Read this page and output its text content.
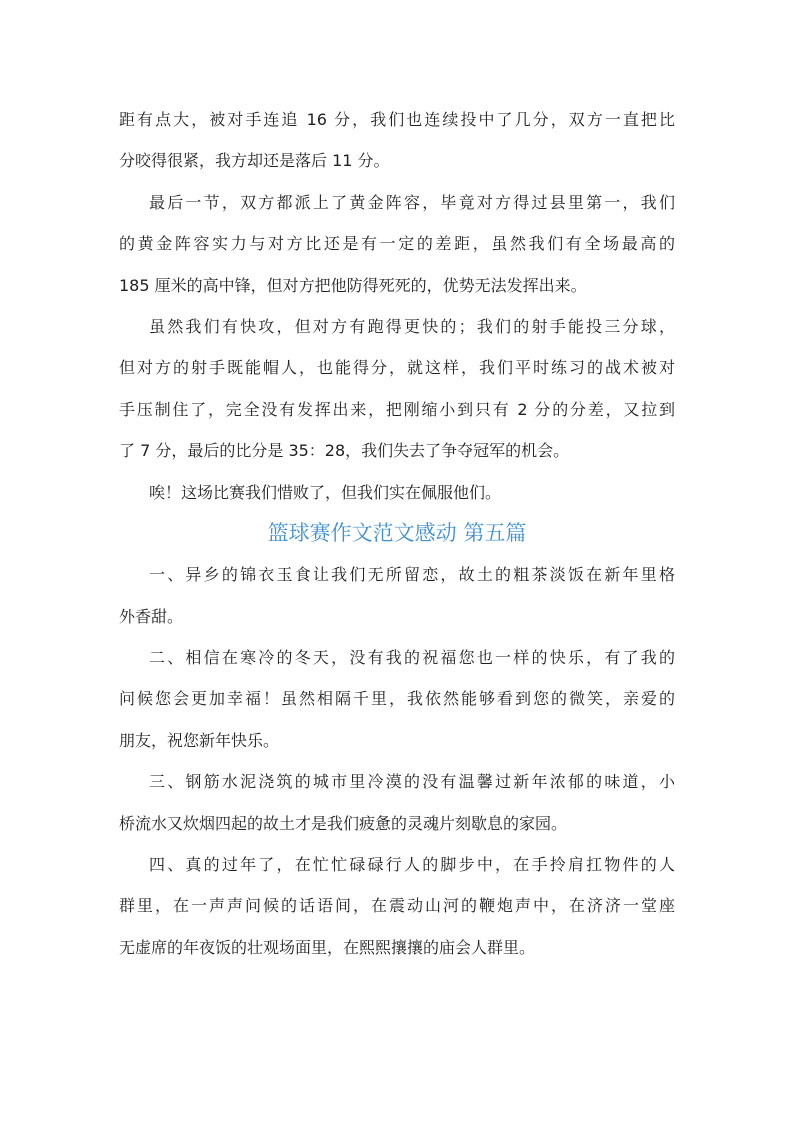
距有点大，被对手连追 16 分，我们也连续投中了几分，双方一直把比
分咬得很紧，我方却还是落后 11 分。
最后一节，双方都派上了黄金阵容，毕竟对方得过县里第一，我们
的黄金阵容实力与对方比还是有一定的差距，虽然我们有全场最高的
185 厘米的高中锋，但对方把他防得死死的，优势无法发挥出来。
虽然我们有快攻，但对方有跑得更快的；我们的射手能投三分球，
但对方的射手既能帽人，也能得分，就这样，我们平时练习的战术被对
手压制住了，完全没有发挥出来，把刚缩小到只有 2 分的分差，又拉到
了 7 分，最后的比分是 35：28，我们失去了争夺冠军的机会。
唉！这场比赛我们惜败了，但我们实在佩服他们。
篮球赛作文范文感动 第五篇
一、异乡的锦衣玉食让我们无所留恋，故土的粗茶淡饭在新年里格
外香甜。
二、相信在寒冷的冬天，没有我的祝福您也一样的快乐，有了我的
问候您会更加幸福！虽然相隔千里，我依然能够看到您的微笑，亲爱的
朋友，祝您新年快乐。
三、钢筋水泥浇筑的城市里冷漠的没有温馨过新年浓郁的味道，小
桥流水又炊烟四起的故土才是我们疲惫的灵魂片刻歇息的家园。
四、真的过年了，在忙忙碌碌行人的脚步中，在手拎肩扛物件的人
群里，在一声声问候的话语间，在震动山河的鞭炮声中，在济济一堂座
无虚席的年夜饭的壮观场面里，在熙熙攘攘的庙会人群里。
